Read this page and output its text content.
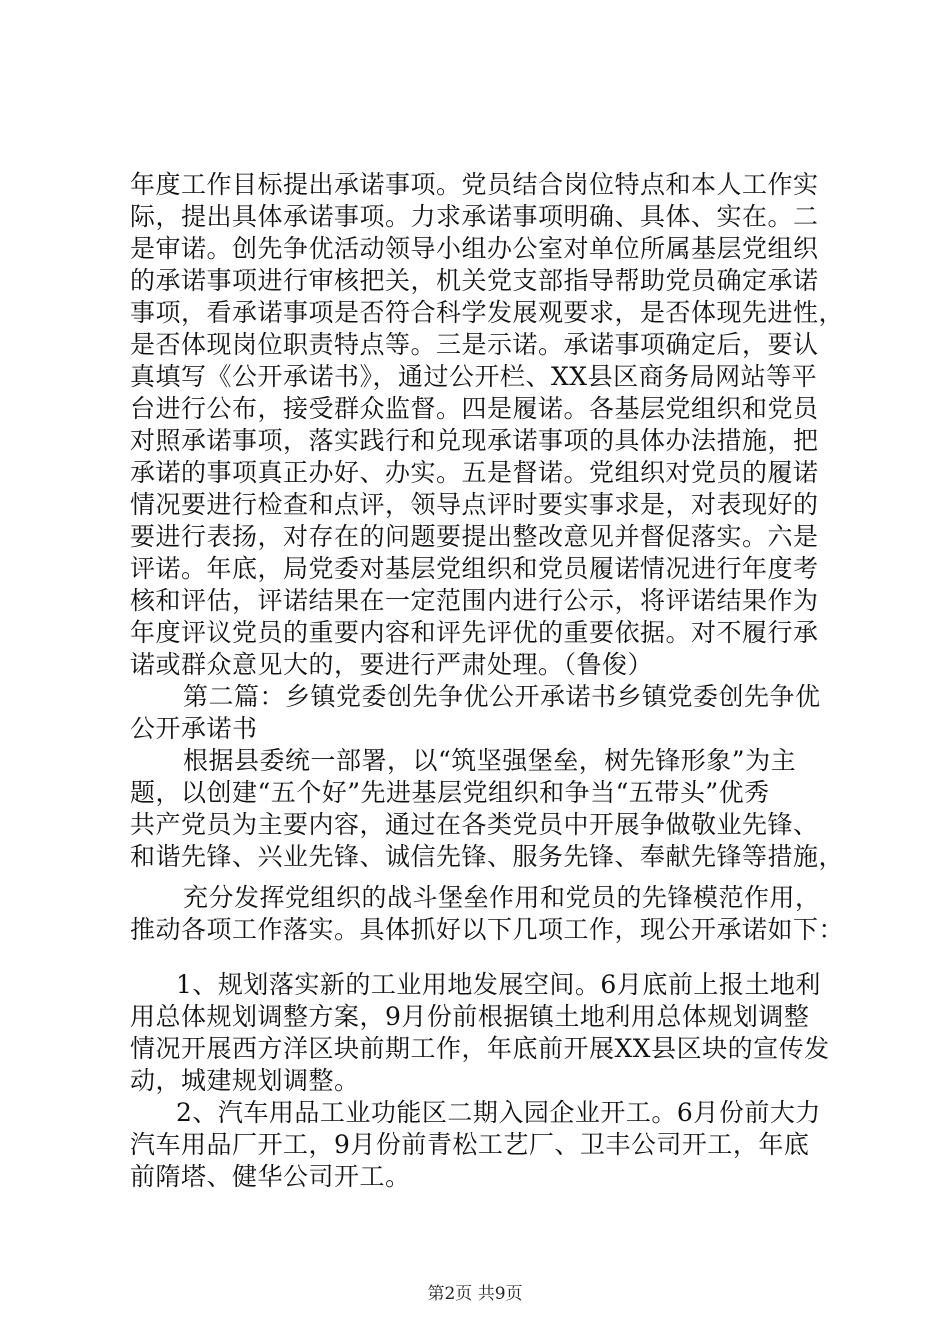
年度工作目标提出承诺事项。党员结合岗位特点和本人工作实
际，提出具体承诺事项。力求承诺事项明确、具体、实在。二
是审诺。创先争优活动领导小组办公室对单位所属基层党组织
的承诺事项进行审核把关，机关党支部指导帮助党员确定承诺
事项，看承诺事项是否符合科学发展观要求，是否体现先进性，
是否体现岗位职责特点等。三是示诺。承诺事项确定后，要认
真填写《公开承诺书》，通过公开栏、XX县区商务局网站等平
台进行公布，接受群众监督。四是履诺。各基层党组织和党员
对照承诺事项，落实践行和兑现承诺事项的具体办法措施，把
承诺的事项真正办好、办实。五是督诺。党组织对党员的履诺
情况要进行检查和点评，领导点评时要实事求是，对表现好的
要进行表扬，对存在的问题要提出整改意见并督促落实。六是
评诺。年底，局党委对基层党组织和党员履诺情况进行年度考
核和评估，评诺结果在一定范围内进行公示，将评诺结果作为
年度评议党员的重要内容和评先评优的重要依据。对不履行承
诺或群众意见大的，要进行严肃处理。（鲁俊）
第二篇：乡镇党委创先争优公开承诺书乡镇党委创先争优
公开承诺书
根据县委统一部署，以“筑坚强堡垒，树先锋形象”为主
题，以创建“五个好”先进基层党组织和争当“五带头”优秀
共产党员为主要内容，通过在各类党员中开展争做敬业先锋、
和谐先锋、兴业先锋、诚信先锋、服务先锋、奉献先锋等措施，
充分发挥党组织的战斗堡垒作用和党员的先锋模范作用，
推动各项工作落实。具体抓好以下几项工作，现公开承诺如下：
1、规划落实新的工业用地发展空间。6月底前上报土地利
用总体规划调整方案，9月份前根据镇土地利用总体规划调整
情况开展西方洋区块前期工作，年底前开展XX县区块的宣传发
动，城建规划调整。
2、汽车用品工业功能区二期入园企业开工。6月份前大力
汽车用品厂开工，9月份前青松工艺厂、卫丰公司开工，年底
前隋塔、健华公司开工。
第2页 共9页
